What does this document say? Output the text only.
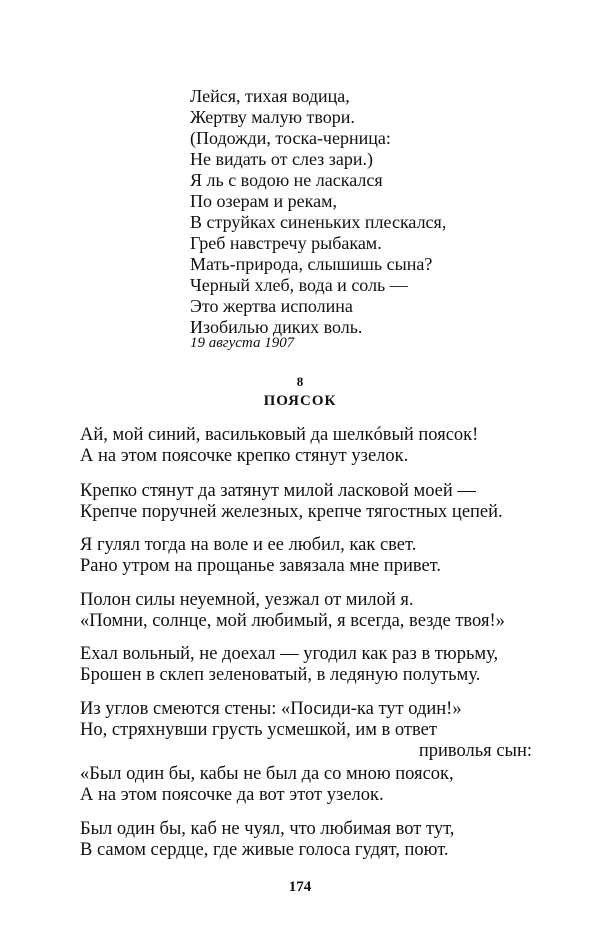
Лейся, тихая водица,
Жертву малую твори.
(Подожди, тоска-черница:
Не видать от слез зари.)
Я ль с водою не ласкался
По озерам и рекам,
В струйках синеньких плескался,
Греб навстречу рыбакам.
Мать-природа, слышишь сына?
Черный хлеб, вода и соль —
Это жертва исполина
Изобилью диких воль.
19 августа 1907
8
ПОЯСОК
Ай, мой синий, васильковый да шелкóвый поясок!
А на этом поясочке крепко стянут узелок.
Крепко стянут да затянут милой ласковой моей —
Крепче поручней железных, крепче тягостных цепей.
Я гулял тогда на воле и ее любил, как свет.
Рано утром на прощанье завязала мне привет.
Полон силы неуемной, уезжал от милой я.
«Помни, солнце, мой любимый, я всегда, везде твоя!»
Ехал вольный, не доехал — угодил как раз в тюрьму,
Брошен в склеп зеленоватый, в ледяную полутьму.
Из углов смеются стены: «Посиди-ка тут один!»
Но, стряхнувши грусть усмешкой, им в ответ
приволья сын:
«Был один бы, кабы не был да со мною поясок,
А на этом поясочке да вот этот узелок.
Был один бы, каб не чуял, что любимая вот тут,
В самом сердце, где живые голоса гудят, поют.
174
